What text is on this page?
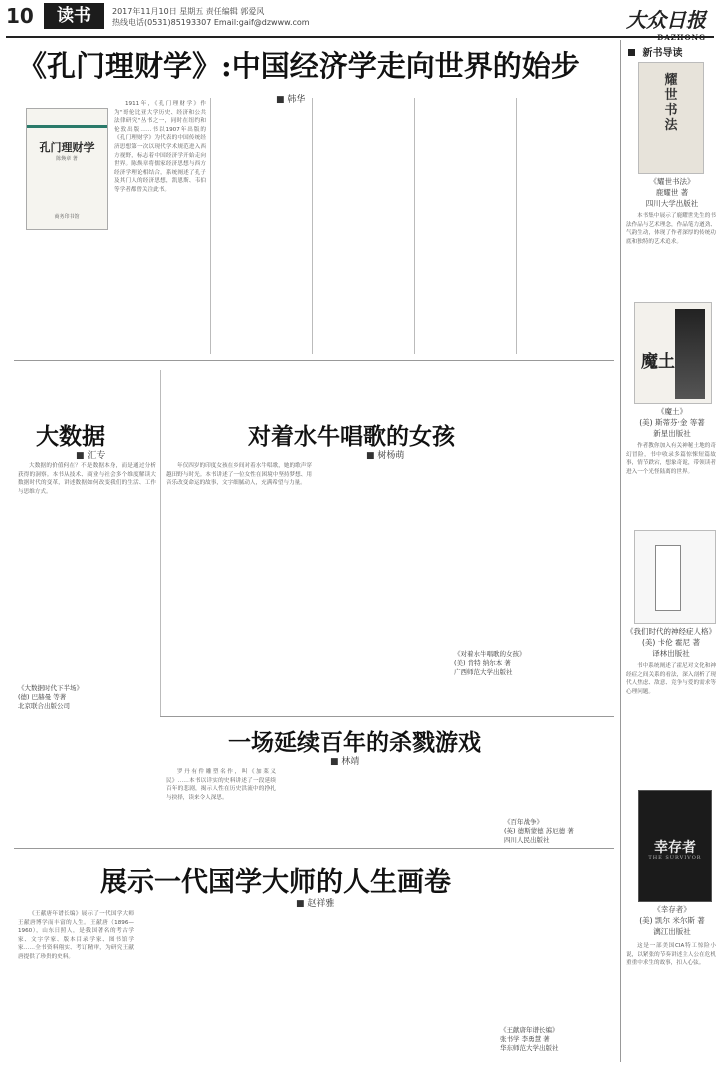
10	读书	2017年11月10日 星期五 责任编辑 郭爱风
热线电话(0531)85193307 Email:gaif@dzwww.com	大众日报
《孔门理财学》:中国经济学走向世界的始步
■ 韩华
孔门理财学
陈焕章 著
商务印书馆

1911年，《孔门理财学》作为"哥伦比亚大学历史、经济和公共法律研究"丛书之一，同时在纽约和伦敦出版……书以1907年出版的《孔门理财学》为代表的中国传统经济思想第一次以现代学术规范进入西方视野，标志着中国经济学开始走向世界。陈焕章将儒家经济思想与西方经济学理论相结合，系统阐述了孔子及其门人的经济思想，凯恩斯、韦伯等学者都曾关注此书。

大数据
■ 汇专

大数据的价值何在？不是数据本身，而是通过分析获得的洞察。本书从技术、商业与社会多个维度解读大数据时代的变革，讲述数据如何改变我们的生活、工作与思维方式。

《大数据时代下半场》
(德) 巴赫曼 等著
北京联合出版公司
对着水牛唱歌的女孩
■ 树杨萌

年仅四岁的印度女孩在乡间对着水牛唱歌，她的歌声穿越田野与时光。本书讲述了一位女性在困境中坚持梦想、用音乐改变命运的故事，文字细腻动人，充满希望与力量。

《对着水牛唱歌的女孩》
(美) 肯特 纳尔本 著
广西师范大学出版社
一场延续百年的杀戮游戏
■ 林靖

罗丹有件雕塑名作，叫《加莱义民》……本书以详实的史料讲述了一段延续百年的悲剧，揭示人性在历史洪流中的挣扎与抉择，读来令人深思。

《百年战争》
(英) 德斯蒙德 苏厄德 著
四川人民出版社
展示一代国学大师的人生画卷
■ 赵祥雅

《王献唐年谱长编》展示了一代国学大师王献唐博学而丰富的人生。王献唐（1896—1960），山东日照人，是我国著名的考古学家、文字学家、版本目录学家、图书馆学家……全书资料翔实、考订精审，为研究王献唐提供了珍贵的史料。

《王献唐年谱长编》
张书学 李勇慧 著
华东师范大学出版社
新书导读
耀世书法
《耀世书法》
鹿耀世 著
四川大学出版社

本书集中展示了鹿耀世先生的书法作品与艺术理念，作品笔力遒劲、气韵生动，体现了作者深厚的传统功底和独特的艺术追求。

魔土
《魔土》
(美) 斯蒂芬·金 等著
新星出版社

作者教你加入有关神秘土地的奇幻冒险，书中收录多篇惊悚短篇故事，情节跌宕，想象奇诡，带领读者进入一个光怪陆离的世界。

《我们时代的神经症人格》
(美) 卡伦 霍尼 著
译林出版社

书中系统阐述了霍尼对文化和神经症之间关系的看法，深入剖析了现代人焦虑、敌意、竞争与爱的需求等心理问题。

幸存者
THE SURVIVOR
《幸存者》
(美) 凯尔 米尔斯 著
漓江出版社

这是一部美国CIA特工惊险小说，以紧张的节奏讲述主人公在危机重重中求生的故事，扣人心弦。
